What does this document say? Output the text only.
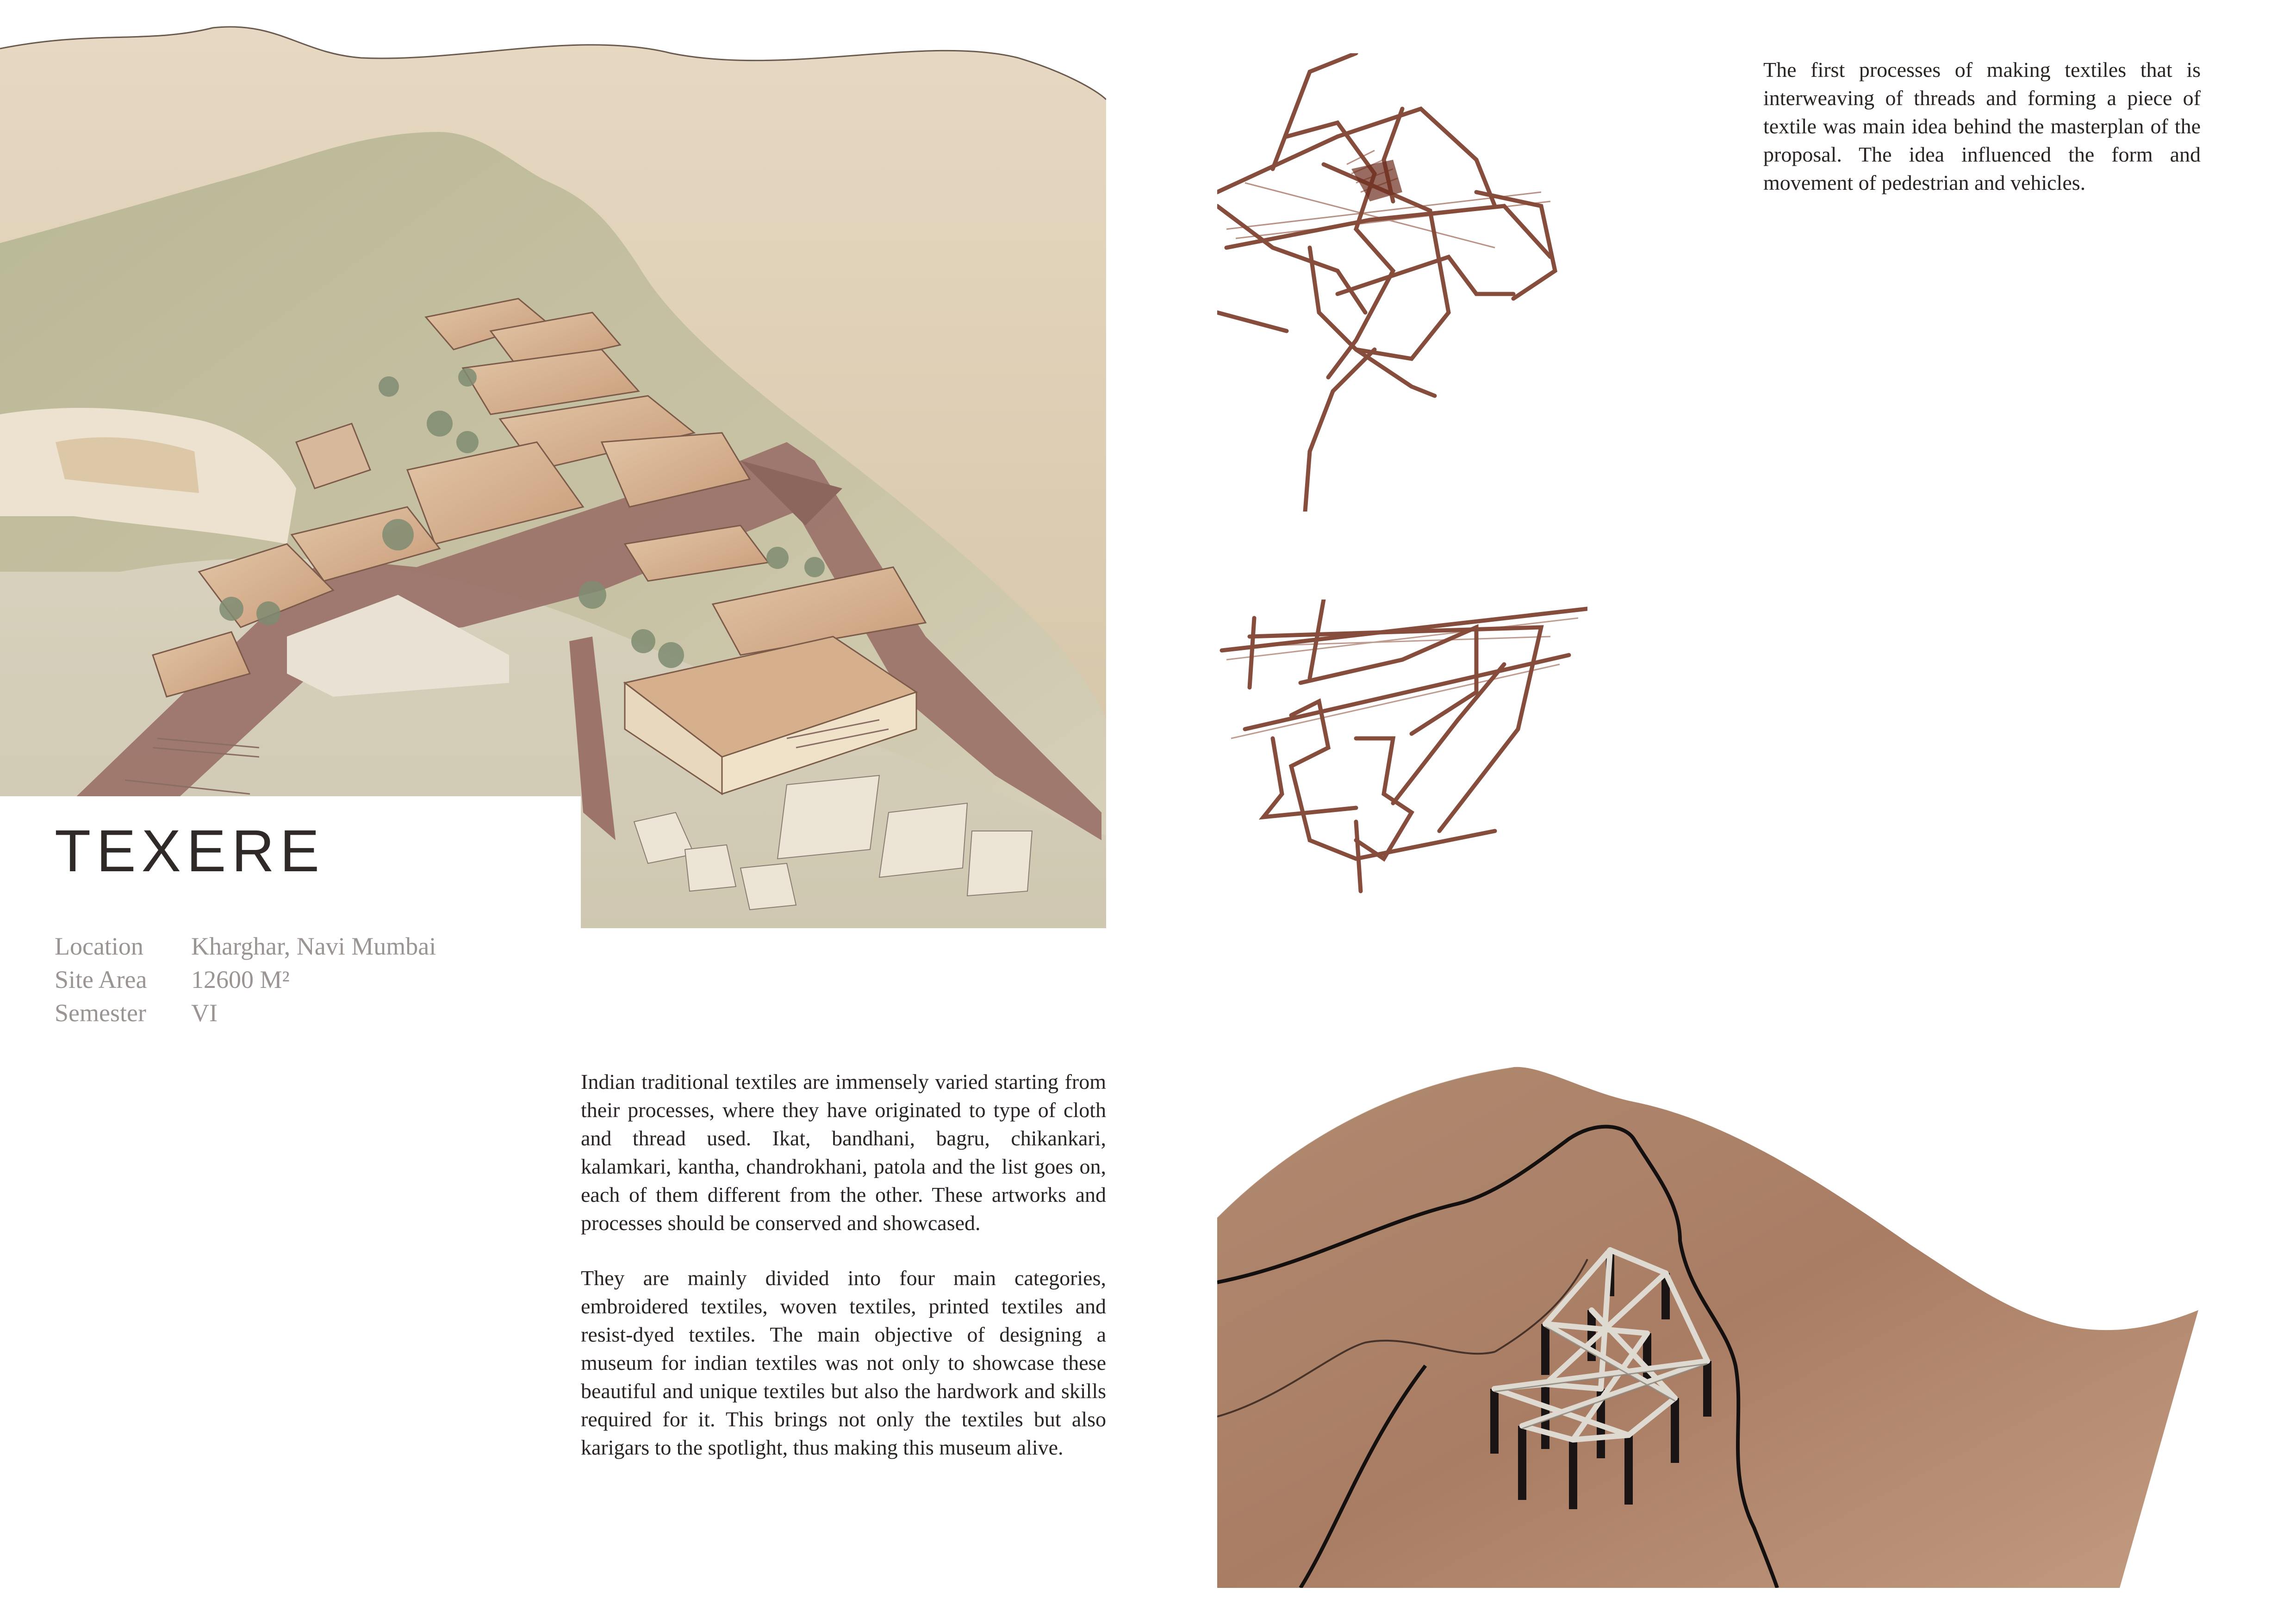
TEXERE
Location	Kharghar, Navi Mumbai
Site Area	12600 M²
Semester	VI
Indian traditional textiles are immensely varied starting from their processes, where they have originated to type of cloth and thread used. Ikat, bandhani, bagru, chikankari, kalamkari, kantha, chandrokhani, patola and the list goes on, each of them different from the other. These artworks and processes should be conserved and showcased.
They are mainly divided into four main categories, embroidered textiles, woven textiles, printed textiles and resist-dyed textiles. The main objective of designing a museum for indian textiles was not only to showcase these beautiful and unique textiles but also the hardwork and skills required for it. This brings not only the textiles but also karigars to the spotlight, thus making this museum alive.
The first processes of making textiles that is interweaving of threads and forming a piece of textile was main idea behind the masterplan of the proposal. The idea influenced the form and movement of pedestrian and vehicles.
